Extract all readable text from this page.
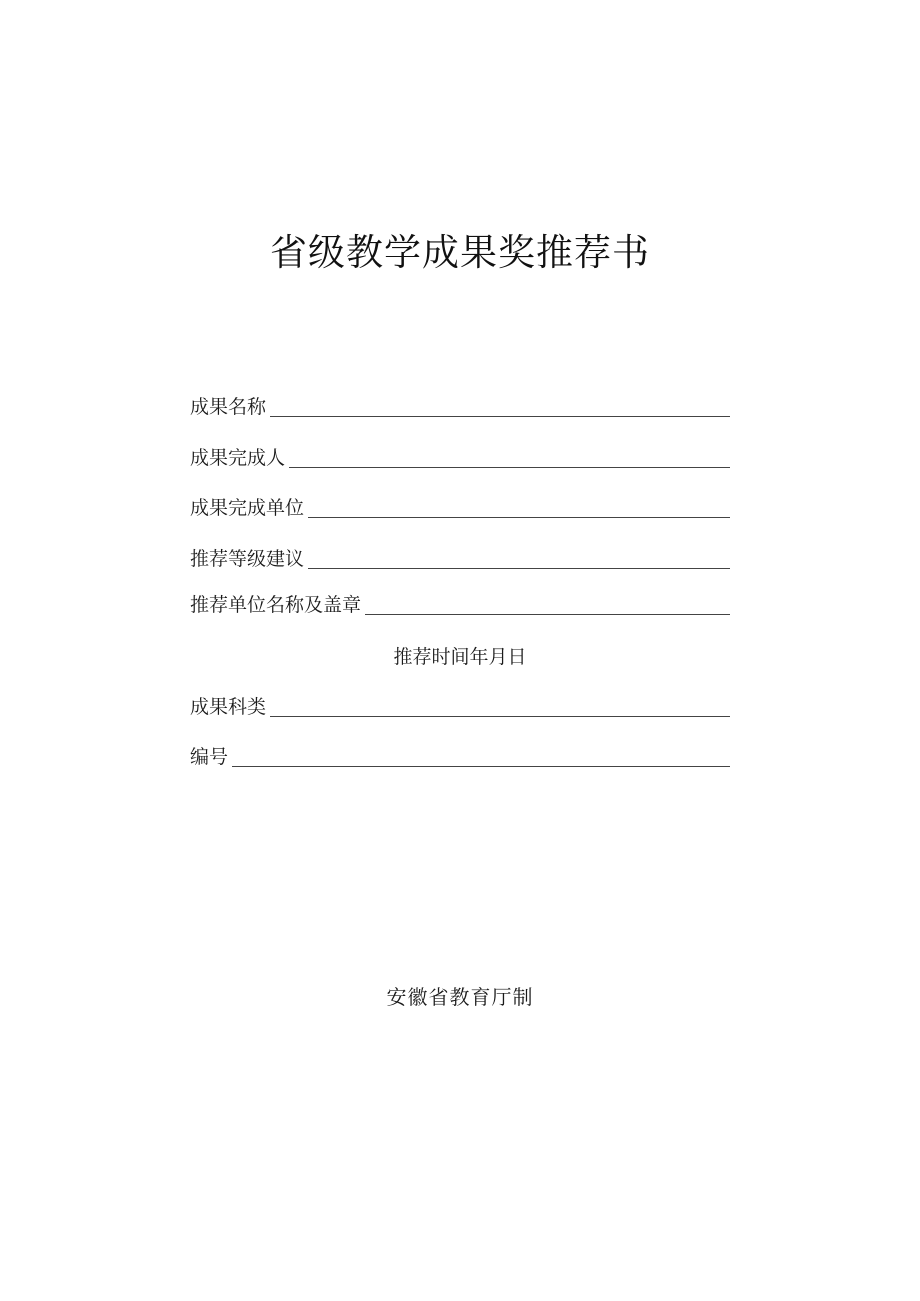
省级教学成果奖推荐书
成果名称
成果完成人
成果完成单位
推荐等级建议
推荐单位名称及盖章
推荐时间年月日
成果科类
编号
安徽省教育厅制
